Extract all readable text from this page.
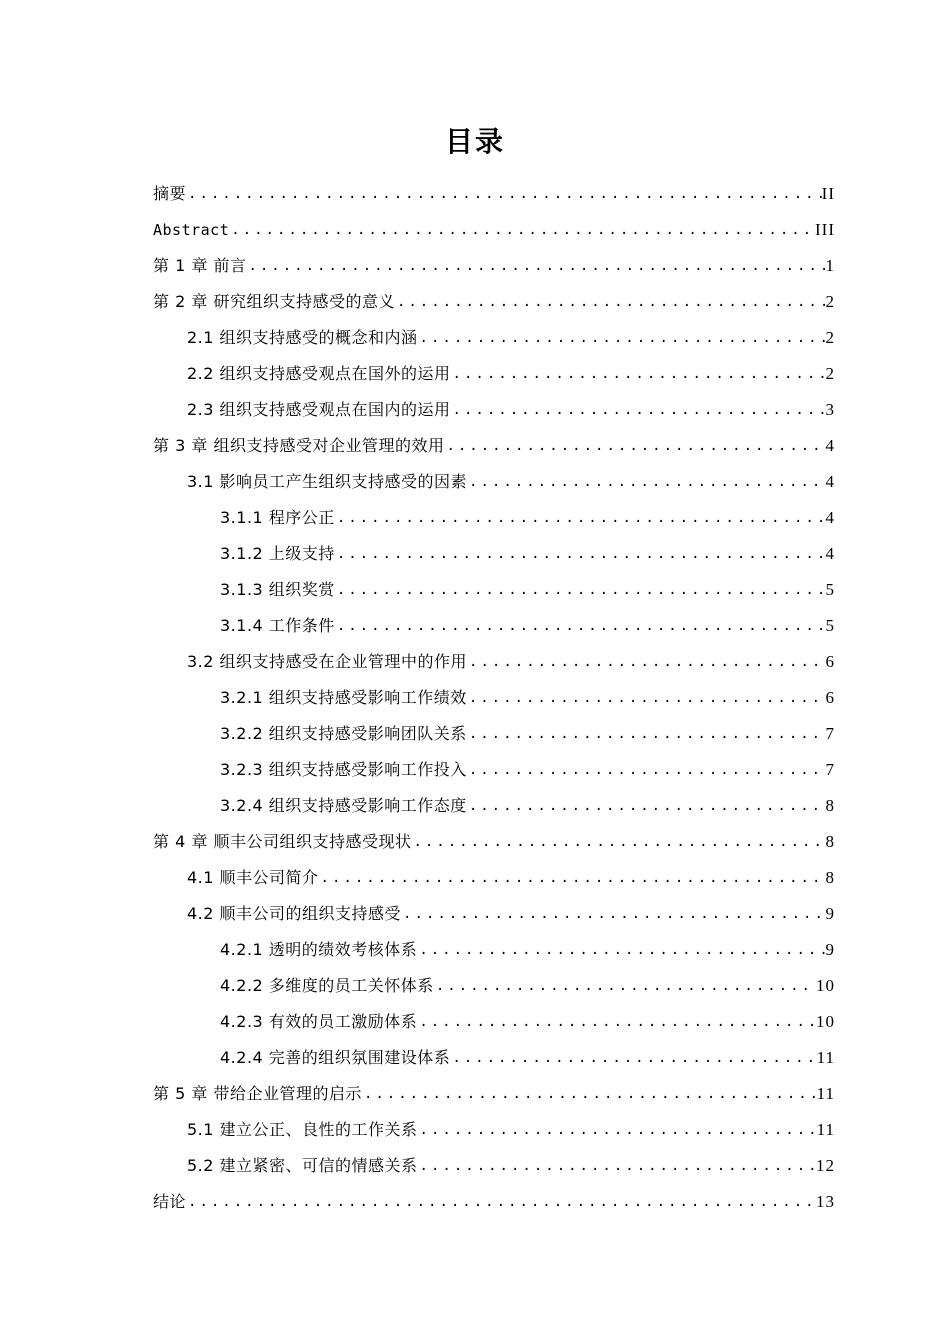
目录
摘要 .....	II
Abstract .....	III
第 1 章 前言 .....	1
第 2 章 研究组织支持感受的意义 .....	2
2.1 组织支持感受的概念和内涵 .....	2
2.2 组织支持感受观点在国外的运用 .....	2
2.3 组织支持感受观点在国内的运用 .....	3
第 3 章 组织支持感受对企业管理的效用 .....	4
3.1 影响员工产生组织支持感受的因素 .....	4
3.1.1 程序公正 .....	4
3.1.2 上级支持 .....	4
3.1.3 组织奖赏 .....	5
3.1.4 工作条件 .....	5
3.2 组织支持感受在企业管理中的作用 .....	6
3.2.1 组织支持感受影响工作绩效 .....	6
3.2.2 组织支持感受影响团队关系 .....	7
3.2.3 组织支持感受影响工作投入 .....	7
3.2.4 组织支持感受影响工作态度 .....	8
第 4 章 顺丰公司组织支持感受现状 .....	8
4.1 顺丰公司简介 .....	8
4.2 顺丰公司的组织支持感受 .....	9
4.2.1 透明的绩效考核体系 .....	9
4.2.2 多维度的员工关怀体系 .....	10
4.2.3 有效的员工激励体系 .....	10
4.2.4 完善的组织氛围建设体系 .....	11
第 5 章 带给企业管理的启示 .....	11
5.1 建立公正、良性的工作关系 .....	11
5.2 建立紧密、可信的情感关系 .....	12
结论 .....	13
